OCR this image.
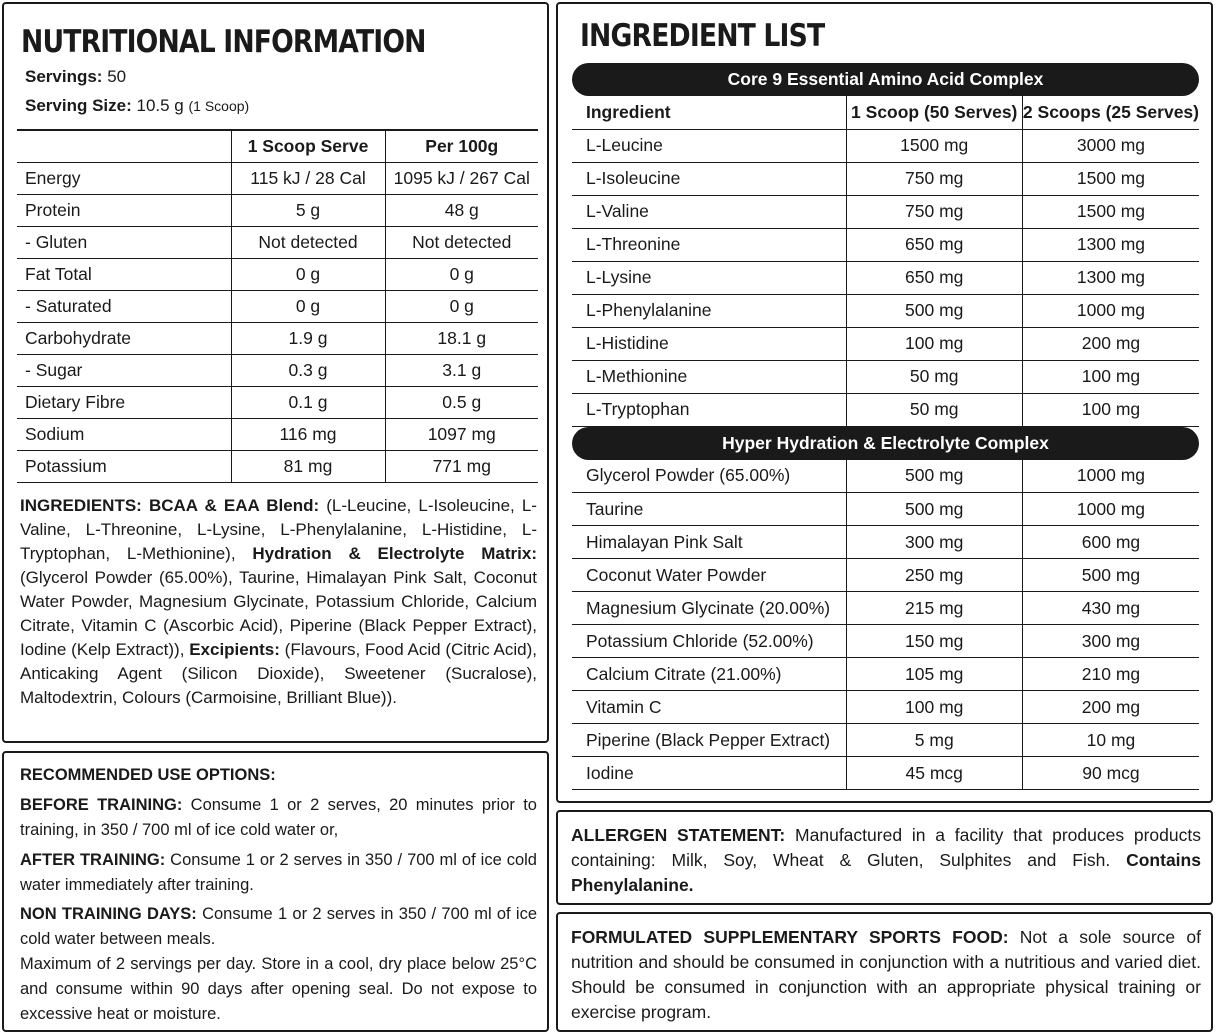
NUTRITIONAL INFORMATION
Servings: 50
Serving Size: 10.5 g (1 Scoop)
	1 Scoop Serve	Per 100g
Energy	115 kJ / 28 Cal	1095 kJ / 267 Cal
Protein	5 g	48 g
- Gluten	Not detected	Not detected
Fat Total	0 g	0 g
- Saturated	0 g	0 g
Carbohydrate	1.9 g	18.1 g
- Sugar	0.3 g	3.1 g
Dietary Fibre	0.1 g	0.5 g
Sodium	116 mg	1097 mg
Potassium	81 mg	771 mg
INGREDIENTS: BCAA & EAA Blend: (L-Leucine, L-Isoleucine, L-Valine, L-Threonine, L-Lysine, L-Phenylalanine, L-Histidine, L-Tryptophan, L-Methionine), Hydration & Electrolyte Matrix: (Glycerol Powder (65.00%), Taurine, Himalayan Pink Salt, Coconut Water Powder, Magnesium Glycinate, Potassium Chloride, Calcium Citrate, Vitamin C (Ascorbic Acid), Piperine (Black Pepper Extract), Iodine (Kelp Extract)), Excipients: (Flavours, Food Acid (Citric Acid), Anticaking Agent (Silicon Dioxide), Sweetener (Sucralose), Maltodextrin, Colours (Carmoisine, Brilliant Blue)).
RECOMMENDED USE OPTIONS:
BEFORE TRAINING: Consume 1 or 2 serves, 20 minutes prior to training, in 350 / 700 ml of ice cold water or,
AFTER TRAINING: Consume 1 or 2 serves in 350 / 700 ml of ice cold water immediately after training.
NON TRAINING DAYS: Consume 1 or 2 serves in 350 / 700 ml of ice cold water between meals.
Maximum of 2 servings per day. Store in a cool, dry place below 25°C and consume within 90 days after opening seal. Do not expose to excessive heat or moisture.
INGREDIENT LIST
Core 9 Essential Amino Acid Complex		

Ingredient	1 Scoop (50 Serves)	2 Scoops (25 Serves)
L-Leucine	1500 mg	3000 mg
L-Isoleucine	750 mg	1500 mg
L-Valine	750 mg	1500 mg
L-Threonine	650 mg	1300 mg
L-Lysine	650 mg	1300 mg
L-Phenylalanine	500 mg	1000 mg
L-Histidine	100 mg	200 mg
L-Methionine	50 mg	100 mg
L-Tryptophan	50 mg	100 mg

Hyper Hydration & Electrolyte Complex		

Glycerol Powder (65.00%)	500 mg	1000 mg
Taurine	500 mg	1000 mg
Himalayan Pink Salt	300 mg	600 mg
Coconut Water Powder	250 mg	500 mg
Magnesium Glycinate (20.00%)	215 mg	430 mg
Potassium Chloride (52.00%)	150 mg	300 mg
Calcium Citrate (21.00%)	105 mg	210 mg
Vitamin C	100 mg	200 mg
Piperine (Black Pepper Extract)	5 mg	10 mg
Iodine	45 mcg	90 mcg
ALLERGEN STATEMENT: Manufactured in a facility that produces products containing: Milk, Soy, Wheat & Gluten, Sulphites and Fish. Contains Phenylalanine.
FORMULATED SUPPLEMENTARY SPORTS FOOD: Not a sole source of nutrition and should be consumed in conjunction with a nutritious and varied diet. Should be consumed in conjunction with an appropriate physical training or exercise program.
